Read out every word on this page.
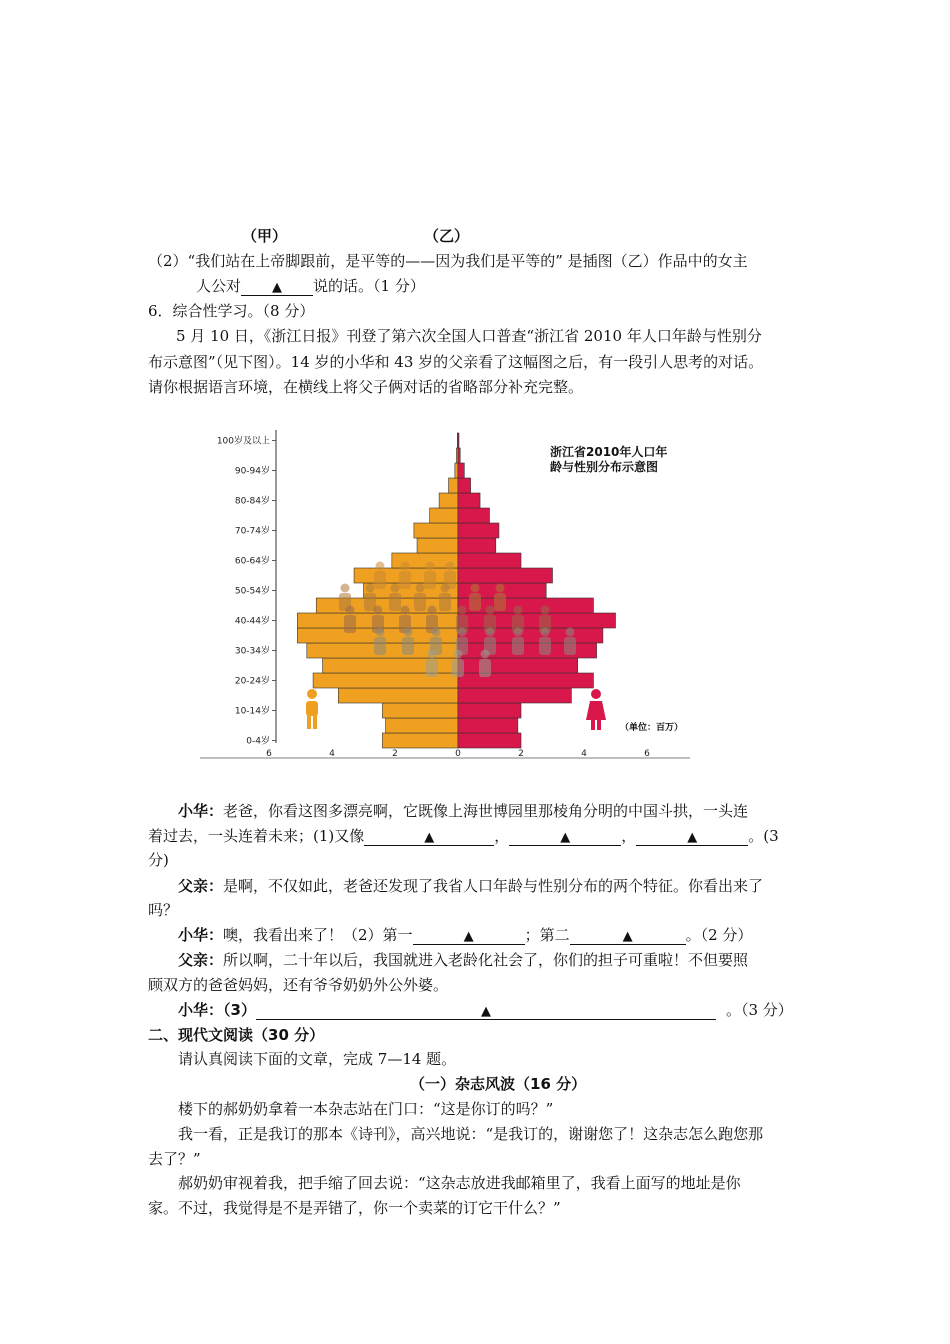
（甲）	（乙）
（2）“我们站在上帝脚跟前，是平等的——因为我们是平等的” 是插图（乙）作品中的女主
人公对 ▲ 说的话。（1 分）
6．综合性学习。（8 分）
5 月 10 日，《浙江日报》刊登了第六次全国人口普查“浙江省 2010 年人口年龄与性别分
布示意图”（见下图）。14 岁的小华和 43 岁的父亲看了这幅图之后，有一段引人思考的对话。
请你根据语言环境，在横线上将父子俩对话的省略部分补充完整。
0-4岁
10-14岁
20-24岁
30-34岁
40-44岁
50-54岁
60-64岁
70-74岁
80-84岁
90-94岁
100岁及以上
6	4	2	0	2	4	6
浙江省2010年人口年
龄与性别分布示意图
（单位：百万）
小华：老爸，你看这图多漂亮啊，它既像上海世博园里那棱角分明的中国斗拱，一头连
着过去，一头连着未来；(1)又像	▲	，	▲	，	▲	。(3
分)
父亲：是啊，不仅如此，老爸还发现了我省人口年龄与性别分布的两个特征。你看出来了
吗？
小华：噢，我看出来了！（2）第一	▲	；第二	▲	。（2 分）
父亲：所以啊，二十年以后，我国就进入老龄化社会了，你们的担子可重啦！不但要照
顾双方的爸爸妈妈，还有爷爷奶奶外公外婆。
小华：（3）	▲	。（3 分）
二、现代文阅读（30 分）
请认真阅读下面的文章，完成 7—14 题。
（一）杂志风波（16 分）
楼下的郝奶奶拿着一本杂志站在门口：“这是你订的吗？”
我一看，正是我订的那本《诗刊》，高兴地说：“是我订的，谢谢您了！这杂志怎么跑您那
去了？”
郝奶奶审视着我，把手缩了回去说：“这杂志放进我邮箱里了，我看上面写的地址是你
家。不过，我觉得是不是弄错了，你一个卖菜的订它干什么？”
